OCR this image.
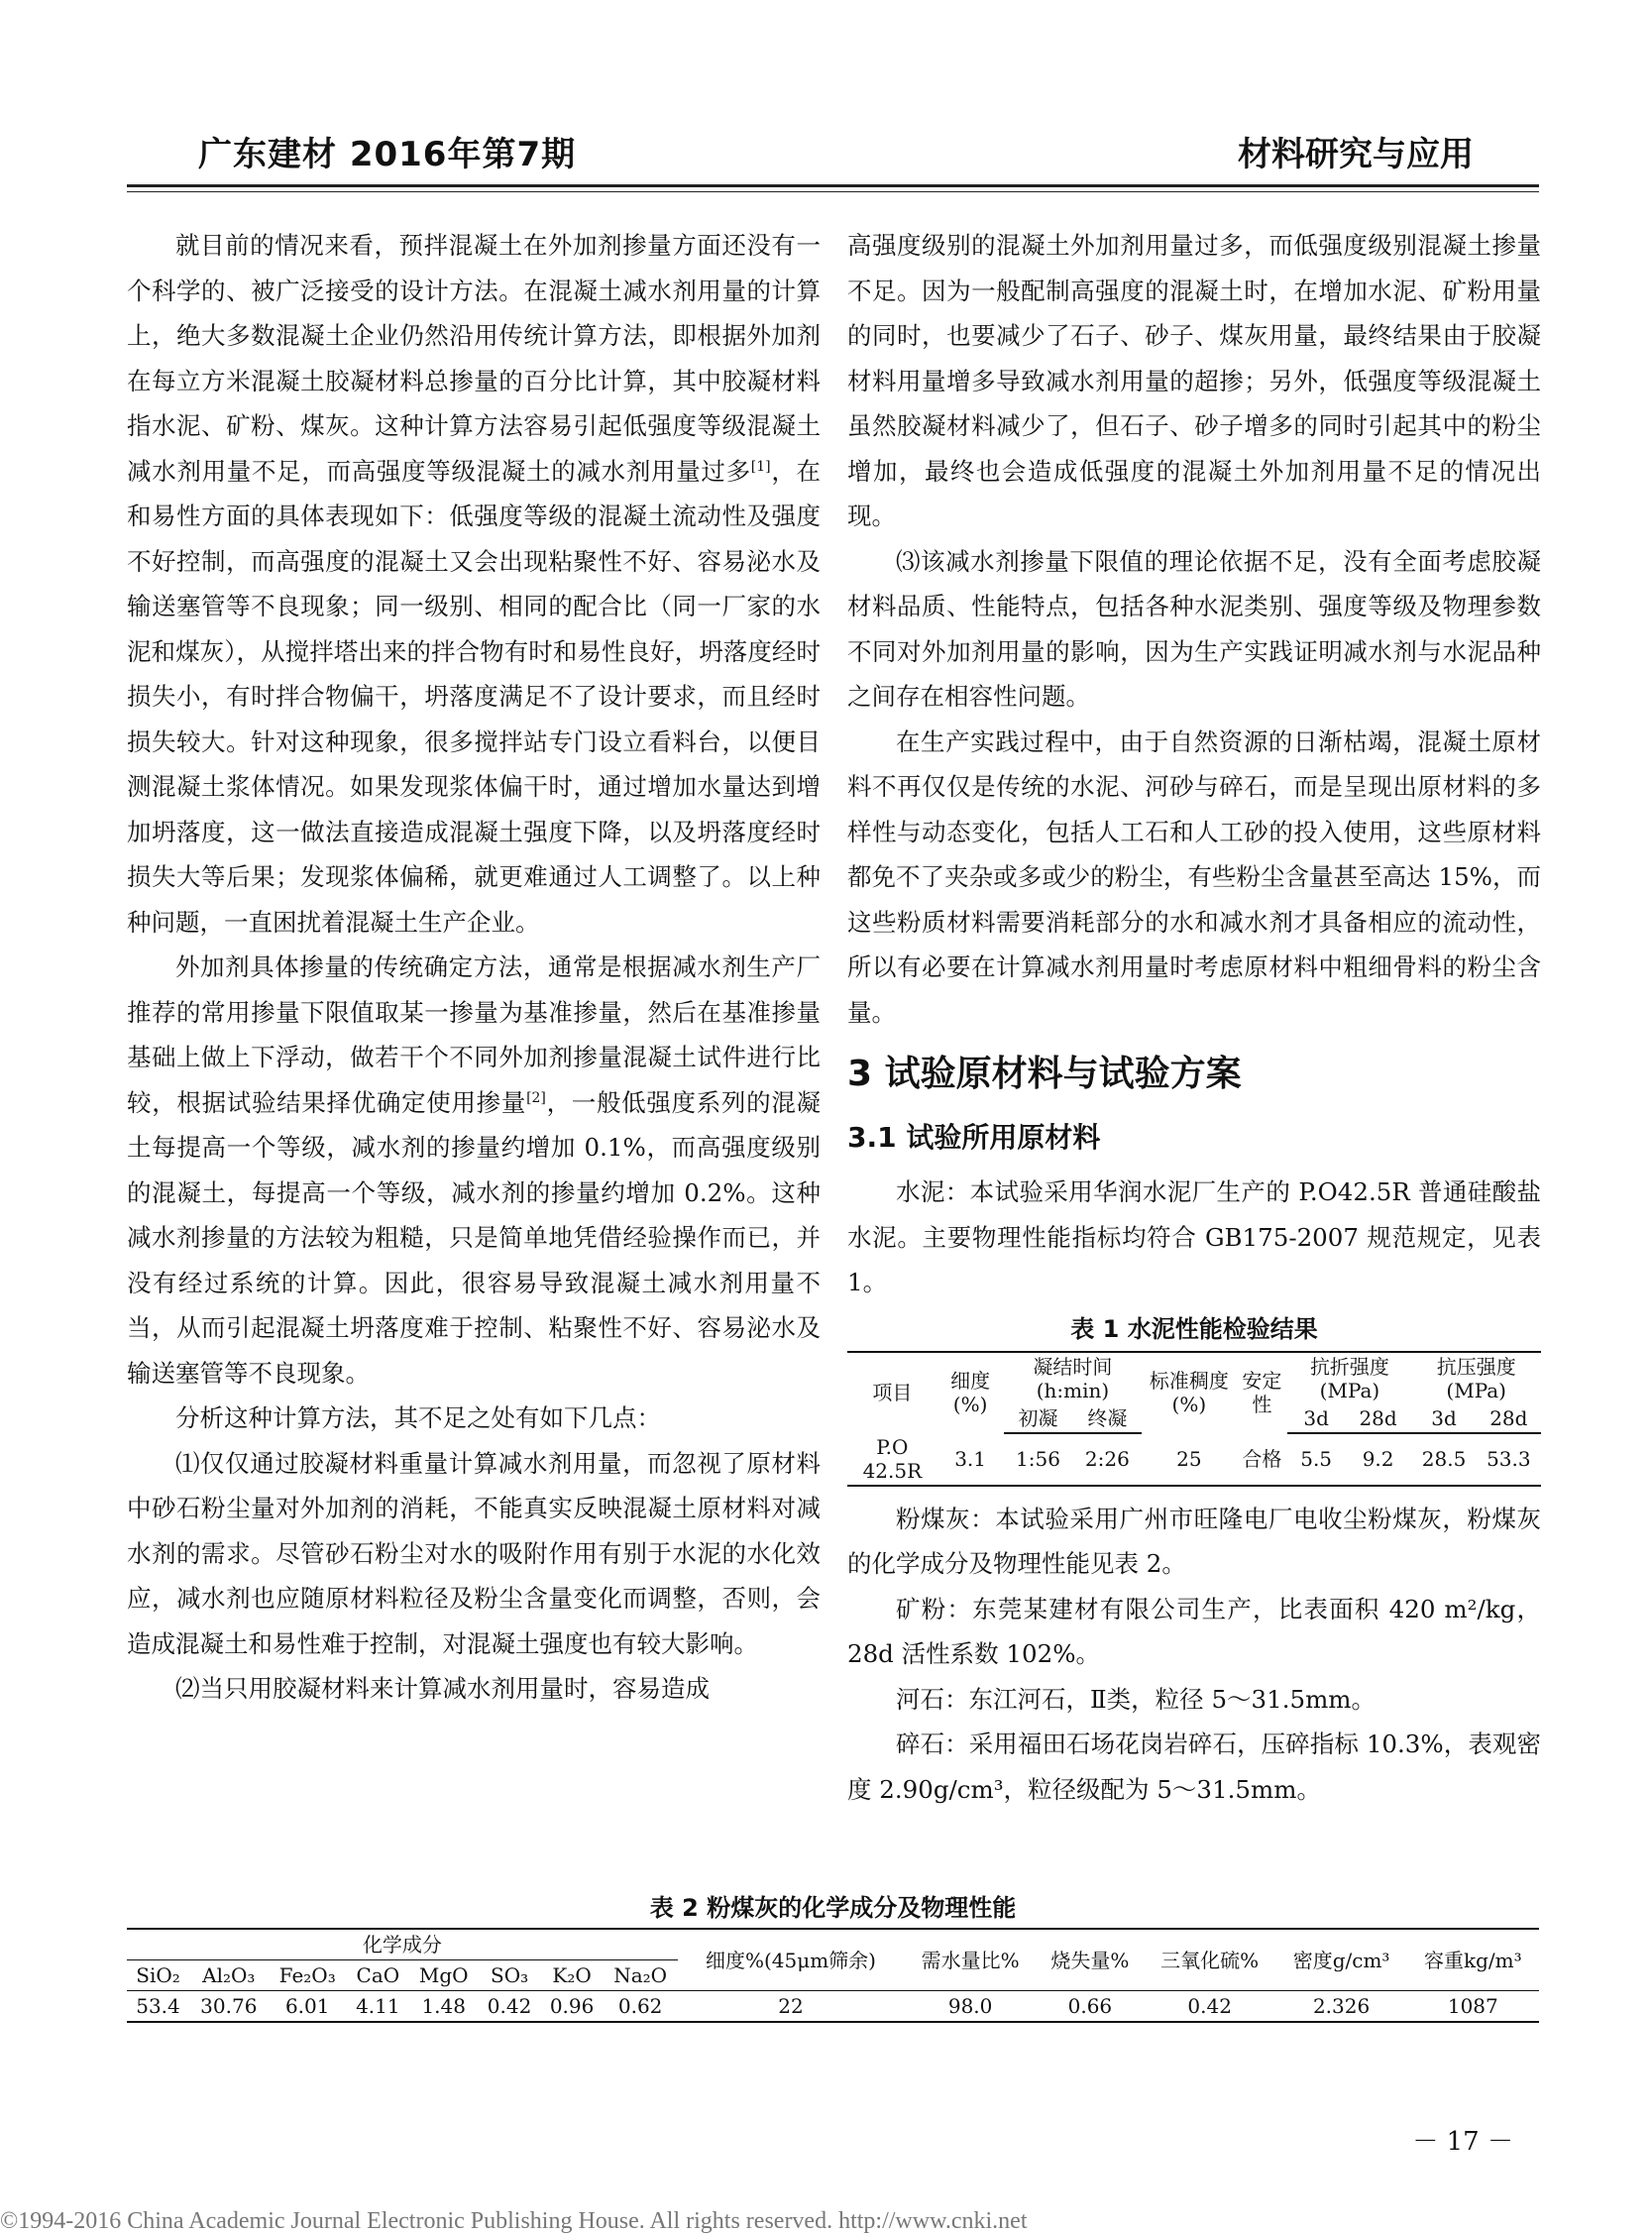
广东建材 2016年第7期	材料研究与应用

就目前的情况来看，预拌混凝土在外加剂掺量方面还没有一个科学的、被广泛接受的设计方法。在混凝土减水剂用量的计算上，绝大多数混凝土企业仍然沿用传统计算方法，即根据外加剂在每立方米混凝土胶凝材料总掺量的百分比计算，其中胶凝材料指水泥、矿粉、煤灰。这种计算方法容易引起低强度等级混凝土减水剂用量不足，而高强度等级混凝土的减水剂用量过多[1]，在和易性方面的具体表现如下：低强度等级的混凝土流动性及强度不好控制，而高强度的混凝土又会出现粘聚性不好、容易泌水及输送塞管等不良现象；同一级别、相同的配合比（同一厂家的水泥和煤灰），从搅拌塔出来的拌合物有时和易性良好，坍落度经时损失小，有时拌合物偏干，坍落度满足不了设计要求，而且经时损失较大。针对这种现象，很多搅拌站专门设立看料台，以便目测混凝土浆体情况。如果发现浆体偏干时，通过增加水量达到增加坍落度，这一做法直接造成混凝土强度下降，以及坍落度经时损失大等后果；发现浆体偏稀，就更难通过人工调整了。以上种种问题，一直困扰着混凝土生产企业。

外加剂具体掺量的传统确定方法，通常是根据减水剂生产厂推荐的常用掺量下限值取某一掺量为基准掺量，然后在基准掺量基础上做上下浮动，做若干个不同外加剂掺量混凝土试件进行比较，根据试验结果择优确定使用掺量[2]，一般低强度系列的混凝土每提高一个等级，减水剂的掺量约增加 0.1%，而高强度级别的混凝土，每提高一个等级，减水剂的掺量约增加 0.2%。这种减水剂掺量的方法较为粗糙，只是简单地凭借经验操作而已，并没有经过系统的计算。因此，很容易导致混凝土减水剂用量不当，从而引起混凝土坍落度难于控制、粘聚性不好、容易泌水及输送塞管等不良现象。

分析这种计算方法，其不足之处有如下几点：

⑴仅仅通过胶凝材料重量计算减水剂用量，而忽视了原材料中砂石粉尘量对外加剂的消耗，不能真实反映混凝土原材料对减水剂的需求。尽管砂石粉尘对水的吸附作用有别于水泥的水化效应，减水剂也应随原材料粒径及粉尘含量变化而调整，否则，会造成混凝土和易性难于控制，对混凝土强度也有较大影响。

⑵当只用胶凝材料来计算减水剂用量时，容易造成

高强度级别的混凝土外加剂用量过多，而低强度级别混凝土掺量不足。因为一般配制高强度的混凝土时，在增加水泥、矿粉用量的同时，也要减少了石子、砂子、煤灰用量，最终结果由于胶凝材料用量增多导致减水剂用量的超掺；另外，低强度等级混凝土虽然胶凝材料减少了，但石子、砂子增多的同时引起其中的粉尘增加，最终也会造成低强度的混凝土外加剂用量不足的情况出现。

⑶该减水剂掺量下限值的理论依据不足，没有全面考虑胶凝材料品质、性能特点，包括各种水泥类别、强度等级及物理参数不同对外加剂用量的影响，因为生产实践证明减水剂与水泥品种之间存在相容性问题。

在生产实践过程中，由于自然资源的日渐枯竭，混凝土原材料不再仅仅是传统的水泥、河砂与碎石，而是呈现出原材料的多样性与动态变化，包括人工石和人工砂的投入使用，这些原材料都免不了夹杂或多或少的粉尘，有些粉尘含量甚至高达 15%，而这些粉质材料需要消耗部分的水和减水剂才具备相应的流动性，所以有必要在计算减水剂用量时考虑原材料中粗细骨料的粉尘含量。

3 试验原材料与试验方案
3.1 试验所用原材料

水泥：本试验采用华润水泥厂生产的 P.O42.5R 普通硅酸盐水泥。主要物理性能指标均符合 GB175-2007 规范规定，见表 1。

表 1 水泥性能检验结果
项目	细度(%)	凝结时间(h:min)		标准稠度(%)	安定性	抗折强度(MPa)		抗压强度(MPa)	
		初凝	终凝			3d	28d	3d	28d
P.O 42.5R	3.1	1:56	2:26	25	合格	5.5	9.2	28.5	53.3

粉煤灰：本试验采用广州市旺隆电厂电收尘粉煤灰，粉煤灰的化学成分及物理性能见表 2。

矿粉：东莞某建材有限公司生产，比表面积 420 m²/kg，28d 活性系数 102%。

河石：东江河石，Ⅱ类，粒径 5～31.5mm。

碎石：采用福田石场花岗岩碎石，压碎指标 10.3%，表观密度 2.90g/cm³，粒径级配为 5～31.5mm。

表 2 粉煤灰的化学成分及物理性能
化学成分								细度%(45μm筛余)	需水量比%	烧失量%	三氧化硫%	密度g/cm³	容重kg/m³
SiO₂	Al₂O₃	Fe₂O₃	CaO	MgO	SO₃	K₂O	Na₂O						
53.4	30.76	6.01	4.11	1.48	0.42	0.96	0.62	22	98.0	0.66	0.42	2.326	1087
－ 17 －
©1994-2016 China Academic Journal Electronic Publishing House. All rights reserved. http://www.cnki.net
